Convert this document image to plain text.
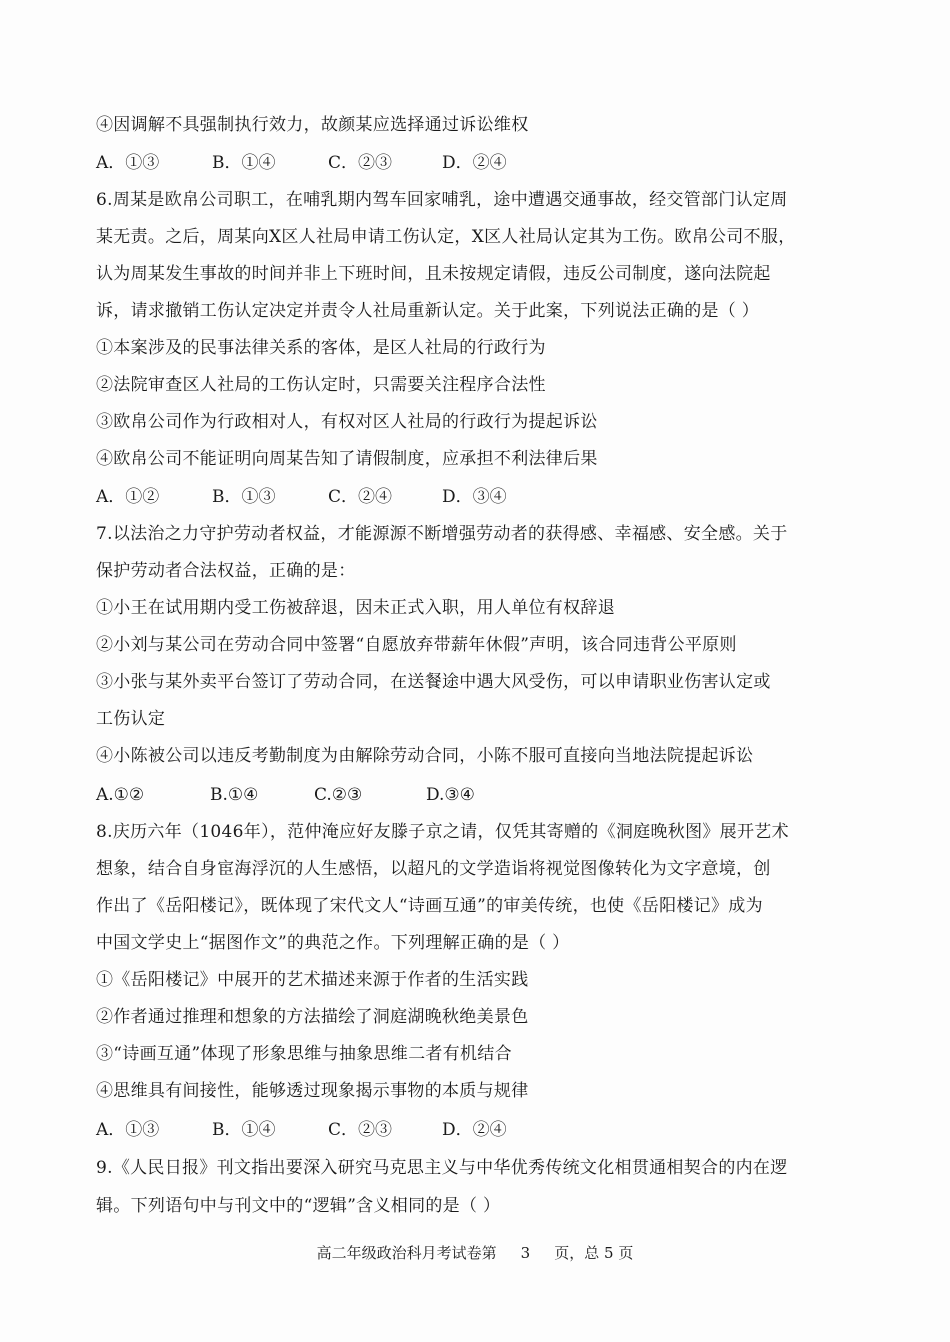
④因调解不具强制执行效力，故颜某应选择通过诉讼维权
A．①③	B．①④	C．②③	D．②④
6.周某是欧帛公司职工，在哺乳期内驾车回家哺乳，途中遭遇交通事故，经交管部门认定周
某无责。之后，周某向X区人社局申请工伤认定，X区人社局认定其为工伤。欧帛公司不服，
认为周某发生事故的时间并非上下班时间，且未按规定请假，违反公司制度，遂向法院起
诉，请求撤销工伤认定决定并责令人社局重新认定。关于此案，下列说法正确的是（ ）
①本案涉及的民事法律关系的客体，是区人社局的行政行为
②法院审查区人社局的工伤认定时，只需要关注程序合法性
③欧帛公司作为行政相对人，有权对区人社局的行政行为提起诉讼
④欧帛公司不能证明向周某告知了请假制度，应承担不利法律后果
A．①②	B．①③	C．②④	D．③④
7.以法治之力守护劳动者权益，才能源源不断增强劳动者的获得感、幸福感、安全感。关于
保护劳动者合法权益，正确的是：
①小王在试用期内受工伤被辞退，因未正式入职，用人单位有权辞退
②小刘与某公司在劳动合同中签署“自愿放弃带薪年休假”声明，该合同违背公平原则
③小张与某外卖平台签订了劳动合同，在送餐途中遇大风受伤，可以申请职业伤害认定或
工伤认定
④小陈被公司以违反考勤制度为由解除劳动合同，小陈不服可直接向当地法院提起诉讼
A.①②	B.①④	C.②③	D.③④
8.庆历六年（1046年），范仲淹应好友滕子京之请，仅凭其寄赠的《洞庭晚秋图》展开艺术
想象，结合自身宦海浮沉的人生感悟，以超凡的文学造诣将视觉图像转化为文字意境，创
作出了《岳阳楼记》，既体现了宋代文人“诗画互通”的审美传统，也使《岳阳楼记》成为
中国文学史上“据图作文”的典范之作。下列理解正确的是（ ）
①《岳阳楼记》中展开的艺术描述来源于作者的生活实践
②作者通过推理和想象的方法描绘了洞庭湖晚秋绝美景色
③“诗画互通”体现了形象思维与抽象思维二者有机结合
④思维具有间接性，能够透过现象揭示事物的本质与规律
A．①③	B．①④	C．②③	D．②④
9.《人民日报》刊文指出要深入研究马克思主义与中华优秀传统文化相贯通相契合的内在逻
辑。下列语句中与刊文中的“逻辑”含义相同的是（ ）
高二年级政治科月考试卷第 3 页，总 5 页
